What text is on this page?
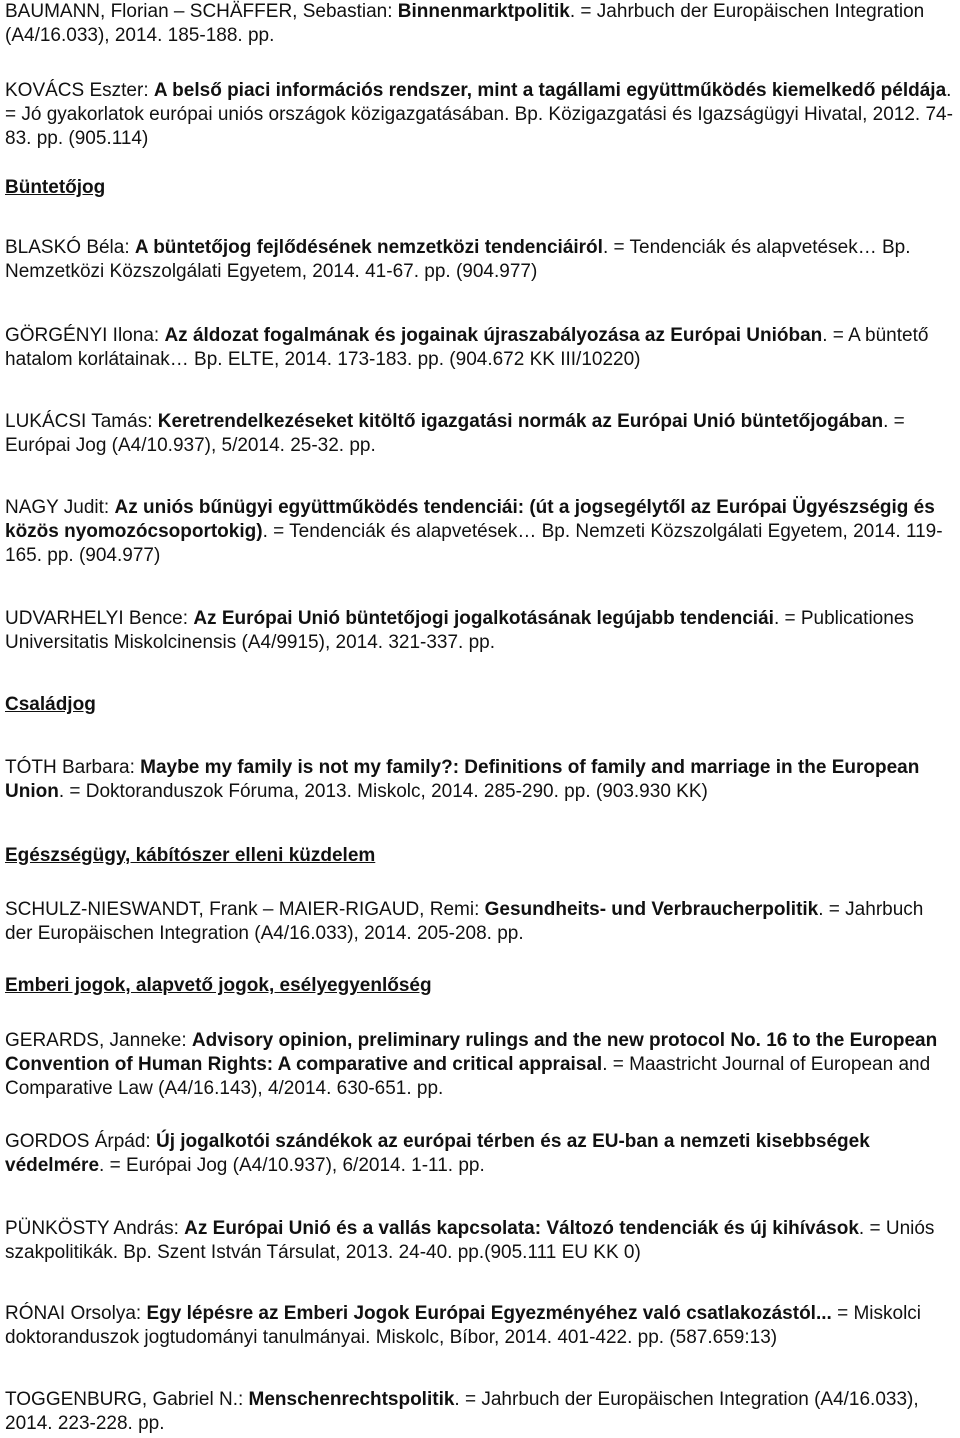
BAUMANN, Florian – SCHÄFFER, Sebastian: Binnenmarktpolitik. = Jahrbuch der Europäischen Integration (A4/16.033), 2014. 185-188. pp.

KOVÁCS Eszter: A belső piaci információs rendszer, mint a tagállami együttműködés kiemelkedő példája. = Jó gyakorlatok európai uniós országok közigazgatásában. Bp. Közigazgatási és Igazságügyi Hivatal, 2012. 74-83. pp. (905.114)

Büntetőjog

BLASKÓ Béla: A büntetőjog fejlődésének nemzetközi tendenciáiról. = Tendenciák és alapvetések… Bp. Nemzetközi Közszolgálati Egyetem, 2014. 41-67. pp. (904.977)

GÖRGÉNYI Ilona: Az áldozat fogalmának és jogainak újraszabályozása az Európai Unióban. = A büntető hatalom korlátainak… Bp. ELTE, 2014. 173-183. pp. (904.672 KK III/10220)

LUKÁCSI Tamás: Keretrendelkezéseket kitöltő igazgatási normák az Európai Unió büntetőjogában. = Európai Jog (A4/10.937), 5/2014. 25-32. pp.

NAGY Judit: Az uniós bűnügyi együttműködés tendenciái: (út a jogsegélytől az Európai Ügyészségig és közös nyomozócsoportokig). = Tendenciák és alapvetések… Bp. Nemzeti Közszolgálati Egyetem, 2014. 119-165. pp. (904.977)

UDVARHELYI Bence: Az Európai Unió büntetőjogi jogalkotásának legújabb tendenciái. = Publicationes Universitatis Miskolcinensis (A4/9915), 2014. 321-337. pp.

Családjog

TÓTH Barbara: Maybe my family is not my family?: Definitions of family and marriage in the European Union. = Doktoranduszok Fóruma, 2013. Miskolc, 2014. 285-290. pp. (903.930 KK)

Egészségügy, kábítószer elleni küzdelem

SCHULZ-NIESWANDT, Frank – MAIER-RIGAUD, Remi: Gesundheits- und Verbraucherpolitik. = Jahrbuch der Europäischen Integration (A4/16.033), 2014. 205-208. pp.

Emberi jogok, alapvető jogok, esélyegyenlőség

GERARDS, Janneke: Advisory opinion, preliminary rulings and the new protocol No. 16 to the European Convention of Human Rights: A comparative and critical appraisal. = Maastricht Journal of European and Comparative Law (A4/16.143), 4/2014. 630-651. pp.

GORDOS Árpád: Új jogalkotói szándékok az európai térben és az EU-ban a nemzeti kisebbségek védelmére. = Európai Jog (A4/10.937), 6/2014. 1-11. pp.

PÜNKÖSTY András: Az Európai Unió és a vallás kapcsolata: Változó tendenciák és új kihívások. = Uniós szakpolitikák. Bp. Szent István Társulat, 2013. 24-40. pp.(905.111 EU KK 0)

RÓNAI Orsolya: Egy lépésre az Emberi Jogok Európai Egyezményéhez való csatlakozástól... = Miskolci doktoranduszok jogtudományi tanulmányai. Miskolc, Bíbor, 2014. 401-422. pp. (587.659:13)

TOGGENBURG, Gabriel N.: Menschenrechtspolitik. = Jahrbuch der Europäischen Integration (A4/16.033), 2014. 223-228. pp.
